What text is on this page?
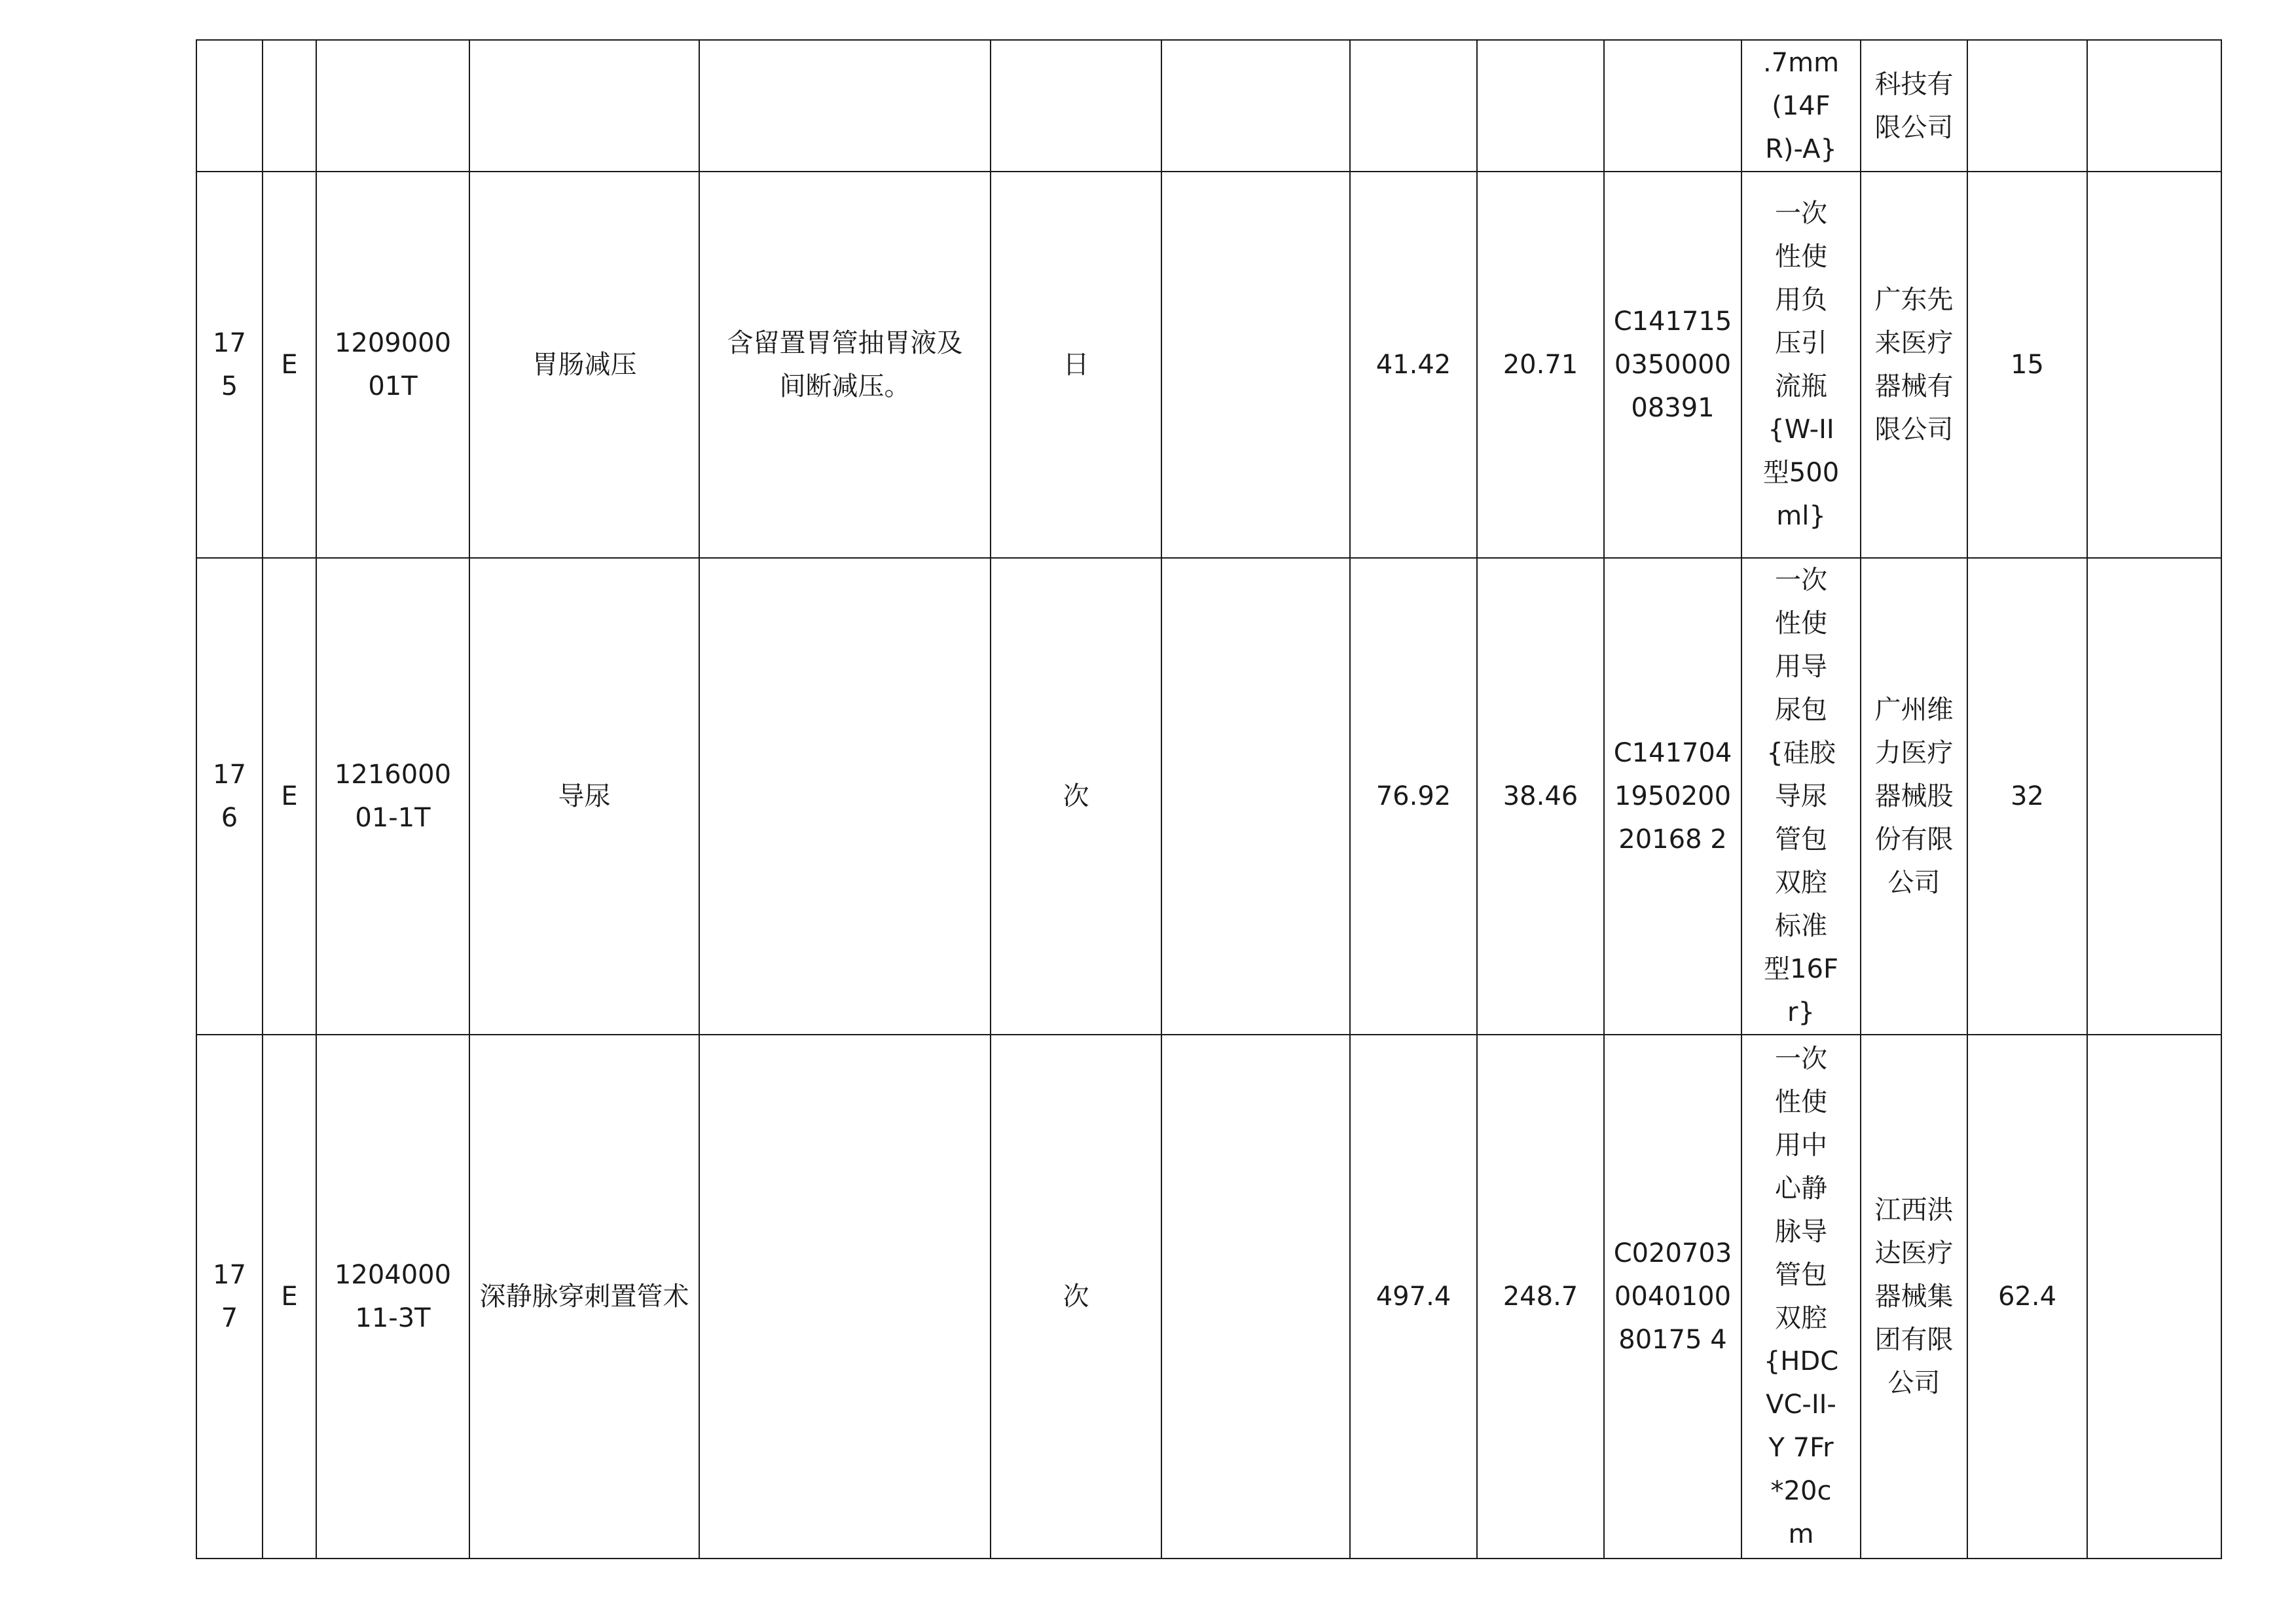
										.7mm(14FR)-A}	科技有限公司		

175	E	120900001T	胃肠减压	含留置胃管抽胃液及间断减压。	日		41.42	20.71	C141715035000008391	一次性使用负压引流瓶{W-II型500ml}	广东先来医疗器械有限公司	15	

176	E	121600001-1T	导尿		次		76.92	38.46	C141704195020020168 2	一次性使用导尿包{硅胶导尿管包双腔标准型16Fr}	广州维力医疗器械股份有限公司	32	

177	E	120400011-3T	深静脉穿刺置管术		次		497.4	248.7	C020703004010080175 4	一次性使用中心静脉导管包双腔{HDCVC-II-Y 7Fr*20cm	江西洪达医疗器械集团有限公司	62.4	
